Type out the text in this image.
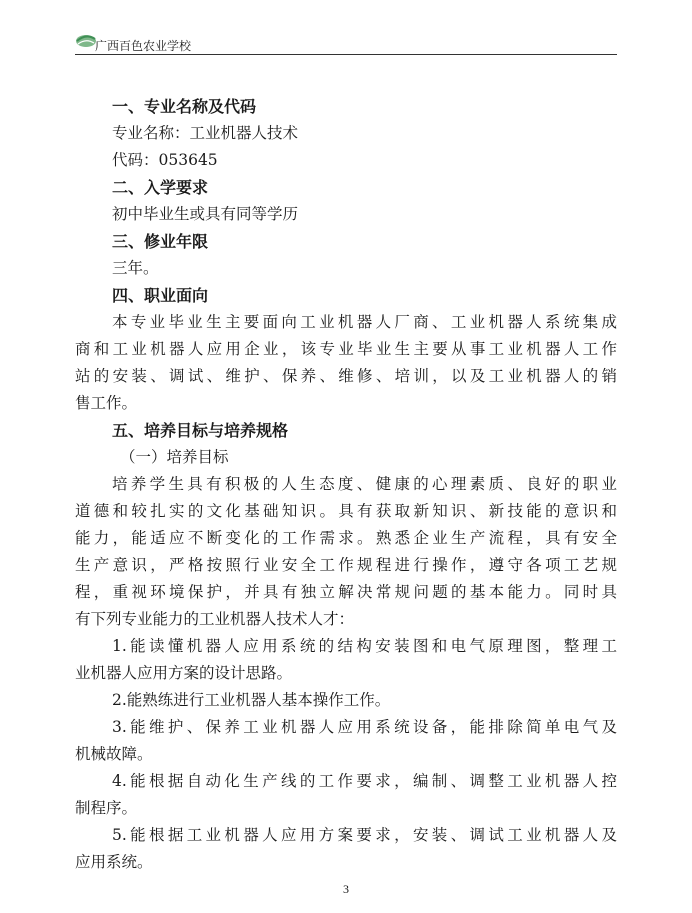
广西百色农业学校
一、专业名称及代码
专业名称：工业机器人技术
代码：053645
二、入学要求
初中毕业生或具有同等学历
三、修业年限
三年。
四、职业面向
本专业毕业生主要面向工业机器人厂商、工业机器人系统集成
商和工业机器人应用企业，该专业毕业生主要从事工业机器人工作
站的安装、调试、维护、保养、维修、培训，以及工业机器人的销
售工作。
五、培养目标与培养规格
（一）培养目标
培养学生具有积极的人生态度、健康的心理素质、良好的职业
道德和较扎实的文化基础知识。具有获取新知识、新技能的意识和
能力，能适应不断变化的工作需求。熟悉企业生产流程，具有安全
生产意识，严格按照行业安全工作规程进行操作，遵守各项工艺规
程，重视环境保护，并具有独立解决常规问题的基本能力。同时具
有下列专业能力的工业机器人技术人才：
1.能读懂机器人应用系统的结构安装图和电气原理图，整理工
业机器人应用方案的设计思路。
2.能熟练进行工业机器人基本操作工作。
3.能维护、保养工业机器人应用系统设备，能排除简单电气及
机械故障。
4.能根据自动化生产线的工作要求，编制、调整工业机器人控
制程序。
5.能根据工业机器人应用方案要求，安装、调试工业机器人及
应用系统。
3
